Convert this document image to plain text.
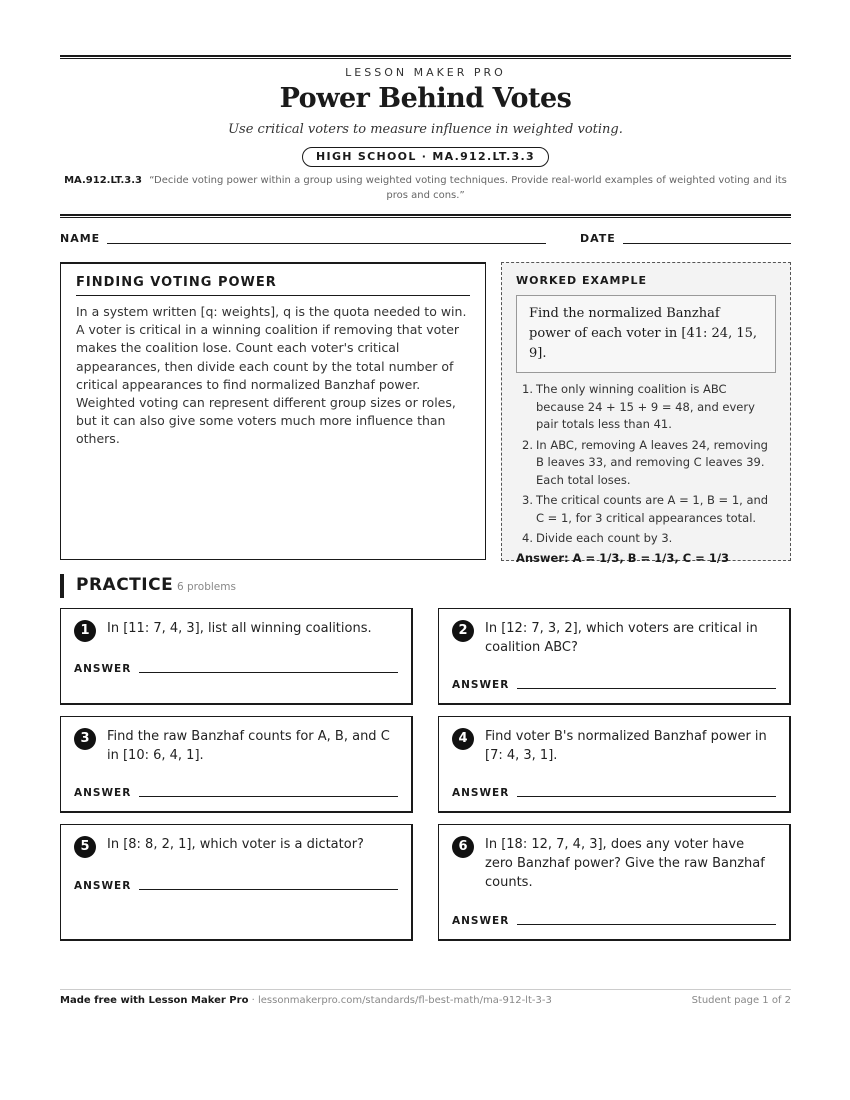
LESSON MAKER PRO
Power Behind Votes
Use critical voters to measure influence in weighted voting.
HIGH SCHOOL · MA.912.LT.3.3
MA.912.LT.3.3 “Decide voting power within a group using weighted voting techniques. Provide real-world examples of weighted voting and its pros and cons.”
NAME	DATE
FINDING VOTING POWER
In a system written [q: weights], q is the quota needed to win. A voter is critical in a winning coalition if removing that voter makes the coalition lose. Count each voter's critical appearances, then divide each count by the total number of critical appearances to find normalized Banzhaf power. Weighted voting can represent different group sizes or roles, but it can also give some voters much more influence than others.
WORKED EXAMPLE
Find the normalized Banzhaf power of each voter in [41: 24, 15, 9].
1. The only winning coalition is ABC because 24 + 15 + 9 = 48, and every pair totals less than 41.
2. In ABC, removing A leaves 24, removing B leaves 33, and removing C leaves 39. Each total loses.
3. The critical counts are A = 1, B = 1, and C = 1, for 3 critical appearances total.
4. Divide each count by 3.
Answer: A = 1/3, B = 1/3, C = 1/3
PRACTICE 6 problems
1	In [11: 7, 4, 3], list all winning coalitions.
ANSWER
2	In [12: 7, 3, 2], which voters are critical in coalition ABC?
ANSWER
3	Find the raw Banzhaf counts for A, B, and C in [10: 6, 4, 1].
ANSWER
4	Find voter B's normalized Banzhaf power in [7: 4, 3, 1].
ANSWER
5	In [8: 8, 2, 1], which voter is a dictator?
ANSWER
6	In [18: 12, 7, 4, 3], does any voter have zero Banzhaf power? Give the raw Banzhaf counts.
ANSWER
Made free with Lesson Maker Pro · lessonmakerpro.com/standards/fl-best-math/ma-912-lt-3-3	Student page 1 of 2
